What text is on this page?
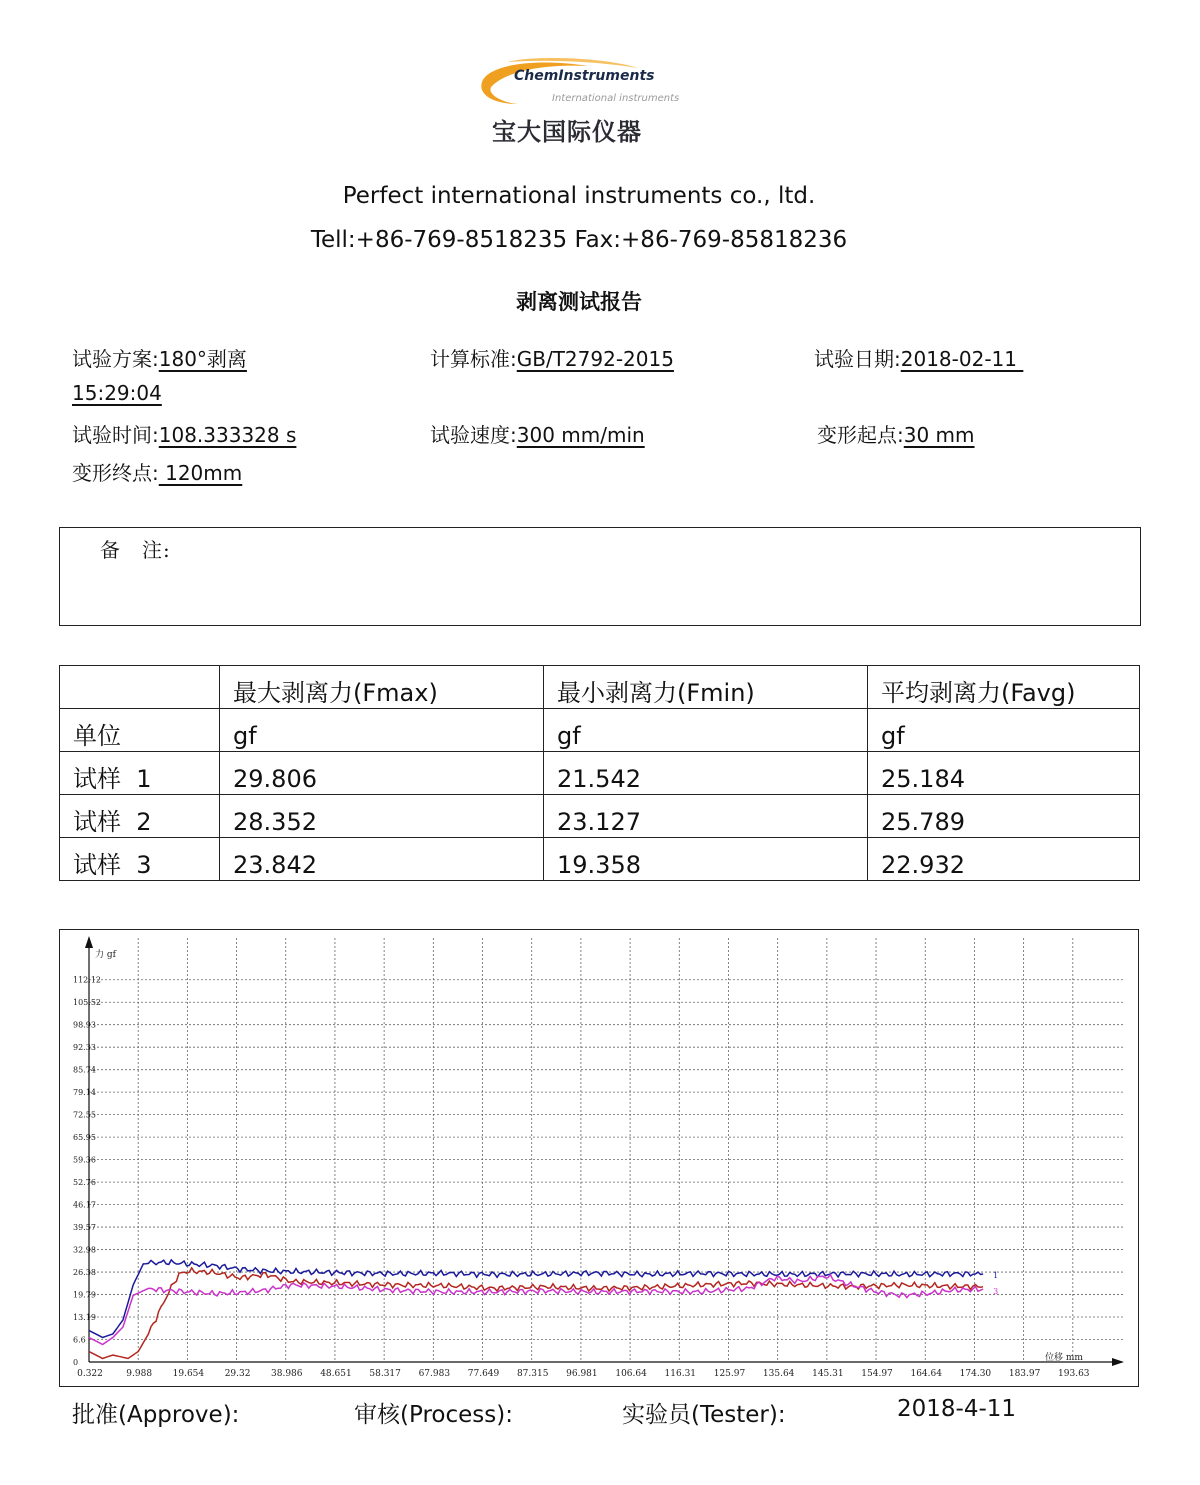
ChemInstruments
International instruments
宝大国际仪器
Perfect international instruments co., ltd.
Tell:+86-769-8518235 Fax:+86-769-85818236
剥离测试报告
试验方案:180°剥离	计算标准:GB/T2792-2015	试验日期:2018-02-11
15:29:04
试验时间:108.333328 s	试验速度:300 mm/min	变形起点:30 mm
变形终点: 120mm
备　注:
	最大剥离力(Fmax)	最小剥离力(Fmin)	平均剥离力(Favg)
单位	gf	gf	gf
试样  1	29.806	21.542	25.184
试样  2	28.352	23.127	25.789
试样  3	23.842	19.358	22.932
0.322	9.988 19.654 29.32 38.986 48.651 58.317 67.983 77.649 87.315 96.981 106.64 116.31 125.97 135.64 145.31 154.97 164.64 174.30 183.97 193.63
0
6.6
13.19
19.79
26.38
32.98
39.57
46.17
52.76
59.36
65.95
72.55
79.14
85.74
92.33
98.93
105.52
112.12
力 gf
位移 mm
1
3
批准(Approve):	审核(Process):	实验员(Tester):	2018-4-11
